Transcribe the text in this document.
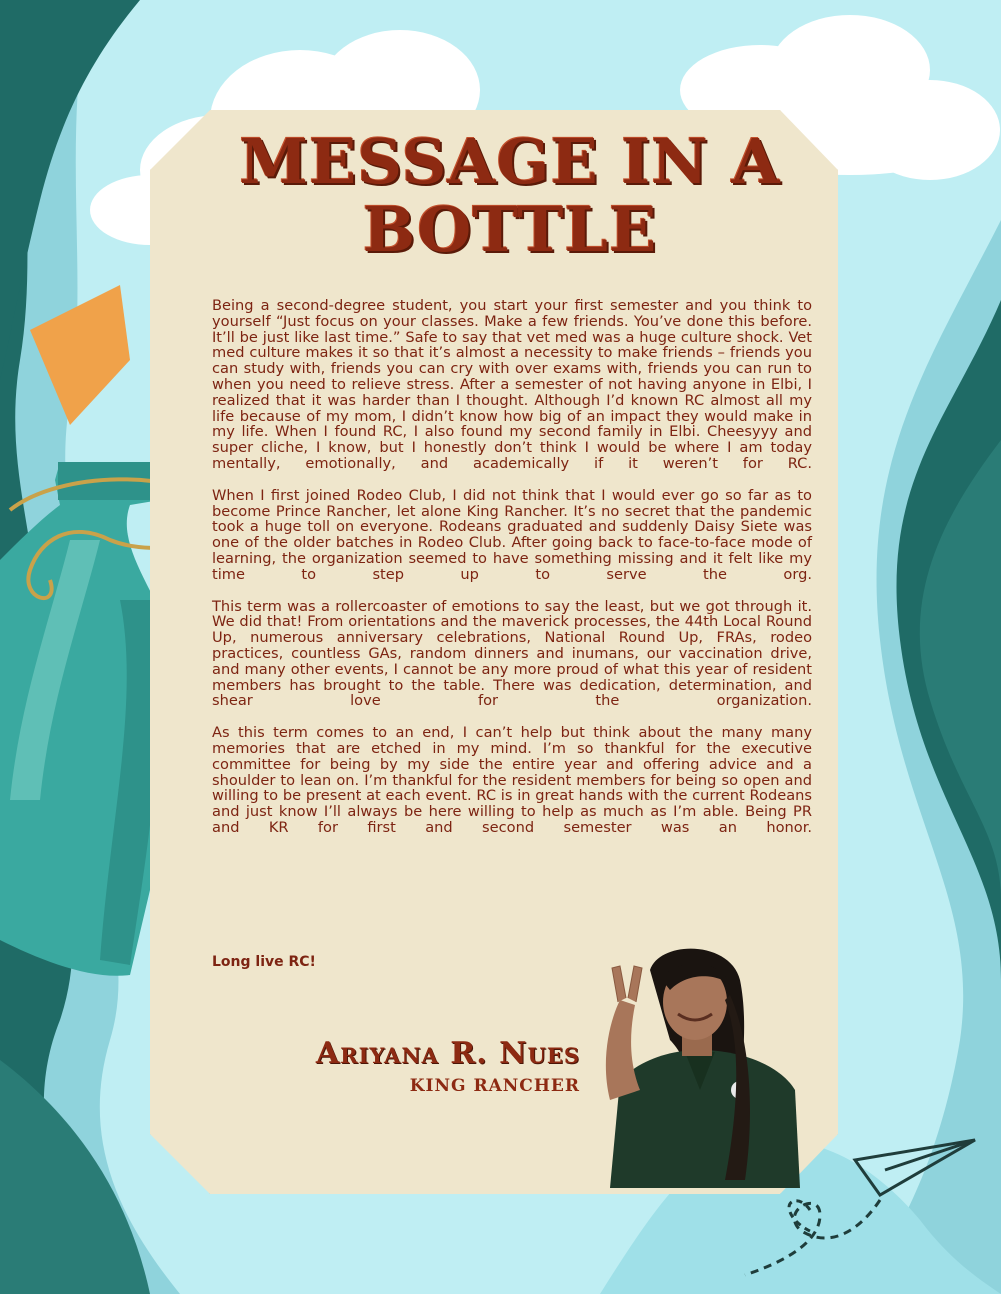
MESSAGE IN A BOTTLE

Being a second-degree student, you start your first semester and you think to yourself “Just focus on your classes. Make a few friends. You’ve done this before. It’ll be just like last time.” Safe to say that vet med was a huge culture shock. Vet med culture makes it so that it’s almost a necessity to make friends – friends you can study with, friends you can cry with over exams with, friends you can run to when you need to relieve stress. After a semester of not having anyone in Elbi, I realized that it was harder than I thought. Although I’d known RC almost all my life because of my mom, I didn’t know how big of an impact they would make in my life. When I found RC, I also found my second family in Elbi. Cheesyyy and super cliche, I know, but I honestly don’t think I would be where I am today mentally, emotionally, and academically if it weren’t for RC.

When I first joined Rodeo Club, I did not think that I would ever go so far as to become Prince Rancher, let alone King Rancher. It’s no secret that the pandemic took a huge toll on everyone. Rodeans graduated and suddenly Daisy Siete was one of the older batches in Rodeo Club. After going back to face-to-face mode of learning, the organization seemed to have something missing and it felt like my time to step up to serve the org.

This term was a rollercoaster of emotions to say the least, but we got through it. We did that! From orientations and the maverick processes, the 44th Local Round Up, numerous anniversary celebrations, National Round Up, FRAs, rodeo practices, countless GAs, random dinners and inumans, our vaccination drive, and many other events, I cannot be any more proud of what this year of resident members has brought to the table. There was dedication, determination, and shear love for the organization.

As this term comes to an end, I can’t help but think about the many many memories that are etched in my mind. I’m so thankful for the executive committee for being by my side the entire year and offering advice and a shoulder to lean on. I’m thankful for the resident members for being so open and willing to be present at each event. RC is in great hands with the current Rodeans and just know I’ll always be here willing to help as much as I’m able. Being PR and KR for first and second semester was an honor.

Long live RC!
Ariyana R. Nues
KING RANCHER
